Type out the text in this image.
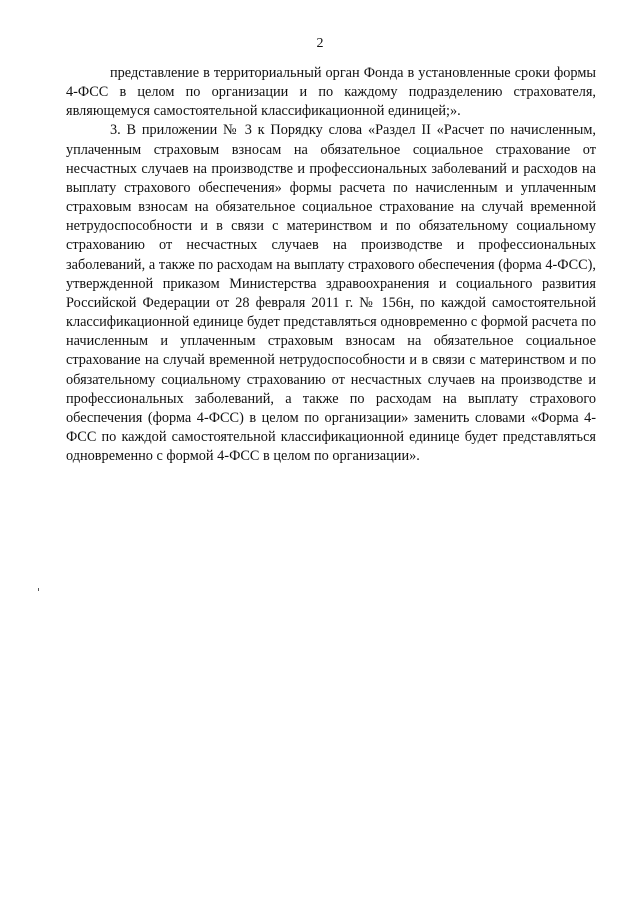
2

представление в территориальный орган Фонда в установленные сроки формы 4-ФСС в целом по организации и по каждому подразделению страхователя, являющемуся самостоятельной классификационной единицей;».

3. В приложении № 3 к Порядку слова «Раздел II «Расчет по начисленным, уплаченным страховым взносам на обязательное социальное страхование от несчастных случаев на производстве и профессиональных заболеваний и расходов на выплату страхового обеспечения» формы расчета по начисленным и уплаченным страховым взносам на обязательное социальное страхование на случай временной нетрудоспособности и в связи с материнством и по обязательному социальному страхованию от несчастных случаев на производстве и профессиональных заболеваний, а также по расходам на выплату страхового обеспечения (форма 4-ФСС), утвержденной приказом Министерства здравоохранения и социального развития Российской Федерации от 28 февраля 2011 г. № 156н, по каждой самостоятельной классификационной единице будет представляться одновременно с формой расчета по начисленным и уплаченным страховым взносам на обязательное социальное страхование на случай временной нетрудоспособности и в связи с материнством и по обязательному социальному страхованию от несчастных случаев на производстве и профессиональных заболеваний, а также по расходам на выплату страхового обеспечения (форма 4-ФСС) в целом по организации» заменить словами «Форма 4-ФСС по каждой самостоятельной классификационной единице будет представляться одновременно с формой 4-ФСС в целом по организации».
